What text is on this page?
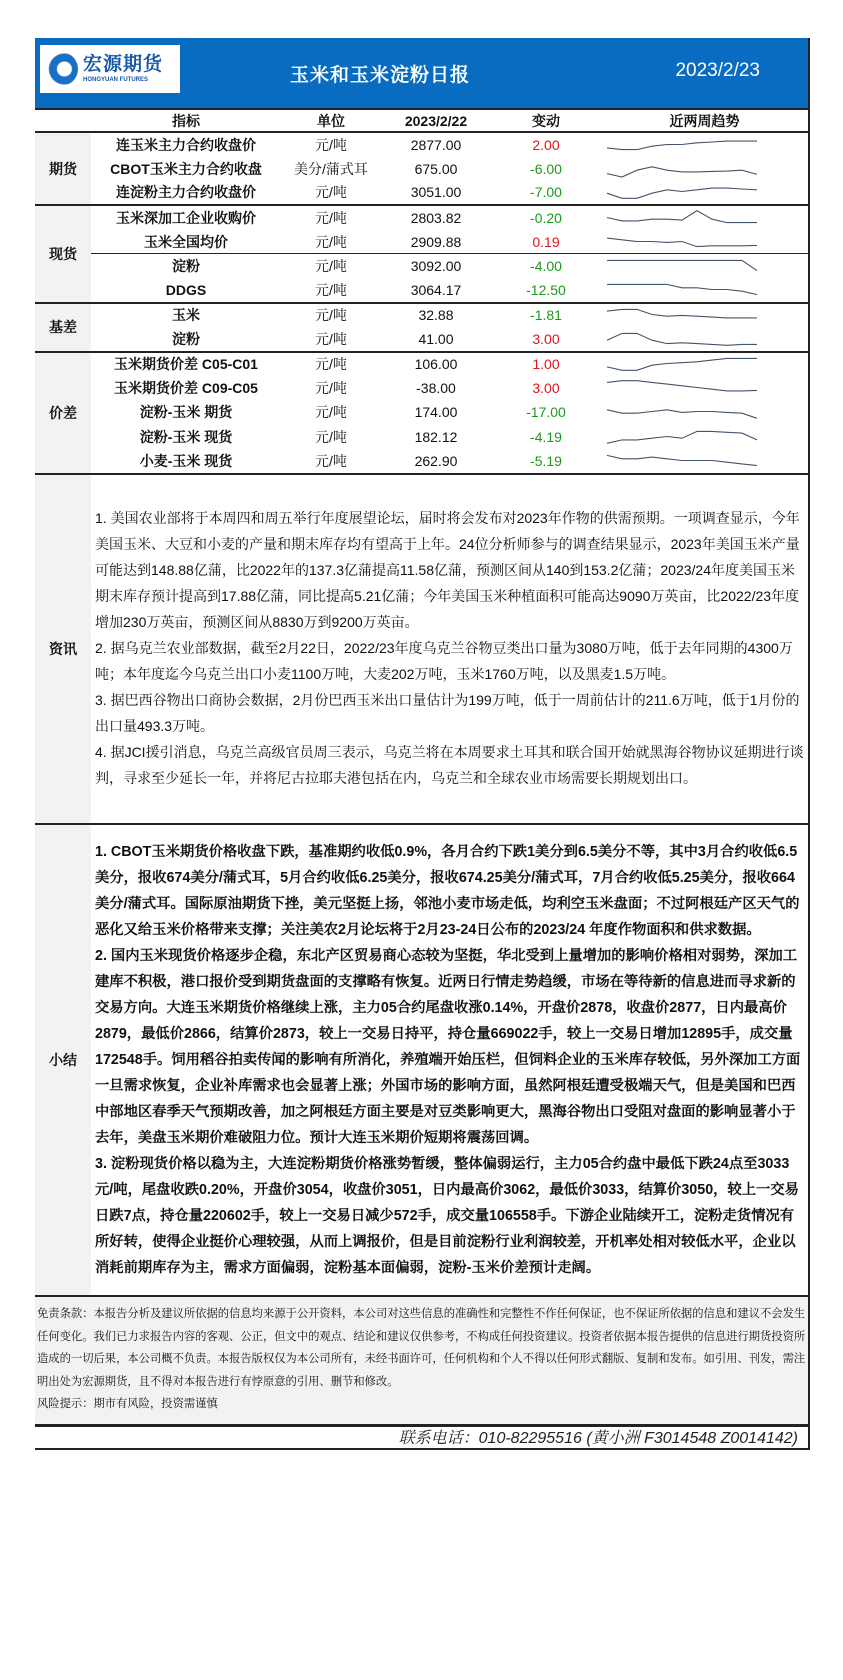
宏源期货
HONGYUAN FUTURES	玉米和玉米淀粉日报	2023/2/23
	指标	单位	2023/2/22	变动	近两周趋势
期货	连玉米主力合约收盘价	元/吨	2877.00	2.00	

	CBOT玉米主力合约收盘	美分/蒲式耳	675.00	-6.00	

	连淀粉主力合约收盘价	元/吨	3051.00	-7.00	

现货	玉米深加工企业收购价	元/吨	2803.82	-0.20	

	玉米全国均价	元/吨	2909.88	0.19	

	淀粉	元/吨	3092.00	-4.00	

	DDGS	元/吨	3064.17	-12.50	

基差	玉米	元/吨	32.88	-1.81	

	淀粉	元/吨	41.00	3.00	

价差	玉米期货价差 C05-C01	元/吨	106.00	1.00	

	玉米期货价差 C09-C05	元/吨	-38.00	3.00	

	淀粉-玉米 期货	元/吨	174.00	-17.00	

	淀粉-玉米 现货	元/吨	182.12	-4.19	

	小麦-玉米 现货	元/吨	262.90	-5.19	
资讯

1. 美国农业部将于本周四和周五举行年度展望论坛，届时将会发布对2023年作物的供需预期。一项调查显示，今年美国玉米、大豆和小麦的产量和期末库存均有望高于上年。24位分析师参与的调查结果显示，2023年美国玉米产量可能达到148.88亿蒲，比2022年的137.3亿蒲提高11.58亿蒲，预测区间从140到153.2亿蒲；2023/24年度美国玉米期末库存预计提高到17.88亿蒲，同比提高5.21亿蒲；今年美国玉米种植面积可能高达9090万英亩，比2022/23年度增加230万英亩，预测区间从8830万到9200万英亩。

2. 据乌克兰农业部数据，截至2月22日，2022/23年度乌克兰谷物豆类出口量为3080万吨，低于去年同期的4300万吨；本年度迄今乌克兰出口小麦1100万吨，大麦202万吨，玉米1760万吨，以及黑麦1.5万吨。

3. 据巴西谷物出口商协会数据，2月份巴西玉米出口量估计为199万吨，低于一周前估计的211.6万吨，低于1月份的出口量493.3万吨。

4. 据JCI援引消息，乌克兰高级官员周三表示，乌克兰将在本周要求土耳其和联合国开始就黑海谷物协议延期进行谈判，寻求至少延长一年，并将尼古拉耶夫港包括在内，乌克兰和全球农业市场需要长期规划出口。

小结

1. CBOT玉米期货价格收盘下跌，基准期约收低0.9%，各月合约下跌1美分到6.5美分不等，其中3月合约收低6.5美分，报收674美分/蒲式耳，5月合约收低6.25美分，报收674.25美分/蒲式耳，7月合约收低5.25美分，报收664美分/蒲式耳。国际原油期货下挫，美元坚挺上扬，邻池小麦市场走低，均利空玉米盘面；不过阿根廷产区天气的恶化又给玉米价格带来支撑；关注美农2月论坛将于2月23-24日公布的2023/24 年度作物面积和供求数据。

2. 国内玉米现货价格逐步企稳，东北产区贸易商心态较为坚挺，华北受到上量增加的影响价格相对弱势，深加工建库不积极，港口报价受到期货盘面的支撑略有恢复。近两日行情走势趋缓，市场在等待新的信息进而寻求新的交易方向。大连玉米期货价格继续上涨，主力05合约尾盘收涨0.14%，开盘价2878，收盘价2877，日内最高价2879，最低价2866，结算价2873，较上一交易日持平，持仓量669022手，较上一交易日增加12895手，成交量172548手。饲用稻谷拍卖传闻的影响有所消化，养殖端开始压栏，但饲料企业的玉米库存较低，另外深加工方面一旦需求恢复，企业补库需求也会显著上涨；外国市场的影响方面，虽然阿根廷遭受极端天气，但是美国和巴西中部地区春季天气预期改善，加之阿根廷方面主要是对豆类影响更大，黑海谷物出口受阻对盘面的影响显著小于去年，美盘玉米期价难破阻力位。预计大连玉米期价短期将震荡回调。

3. 淀粉现货价格以稳为主，大连淀粉期货价格涨势暂缓，整体偏弱运行，主力05合约盘中最低下跌24点至3033元/吨，尾盘收跌0.20%，开盘价3054，收盘价3051，日内最高价3062，最低价3033，结算价3050，较上一交易日跌7点，持仓量220602手，较上一交易日减少572手，成交量106558手。下游企业陆续开工，淀粉走货情况有所好转，使得企业挺价心理较强，从而上调报价，但是目前淀粉行业利润较差，开机率处相对较低水平，企业以消耗前期库存为主，需求方面偏弱，淀粉基本面偏弱，淀粉-玉米价差预计走阔。

免责条款：本报告分析及建议所依据的信息均来源于公开资料，本公司对这些信息的准确性和完整性不作任何保证，也不保证所依据的信息和建议不会发生任何变化。我们已力求报告内容的客观、公正，但文中的观点、结论和建议仅供参考，不构成任何投资建议。投资者依据本报告提供的信息进行期货投资所造成的一切后果，本公司概不负责。本报告版权仅为本公司所有，未经书面许可，任何机构和个人不得以任何形式翻版、复制和发布。如引用、刊发，需注明出处为宏源期货，且不得对本报告进行有悖原意的引用、删节和修改。

风险提示：期市有风险，投资需谨慎

联系电话：010-82295516 (黄小洲 F3014548 Z0014142)
